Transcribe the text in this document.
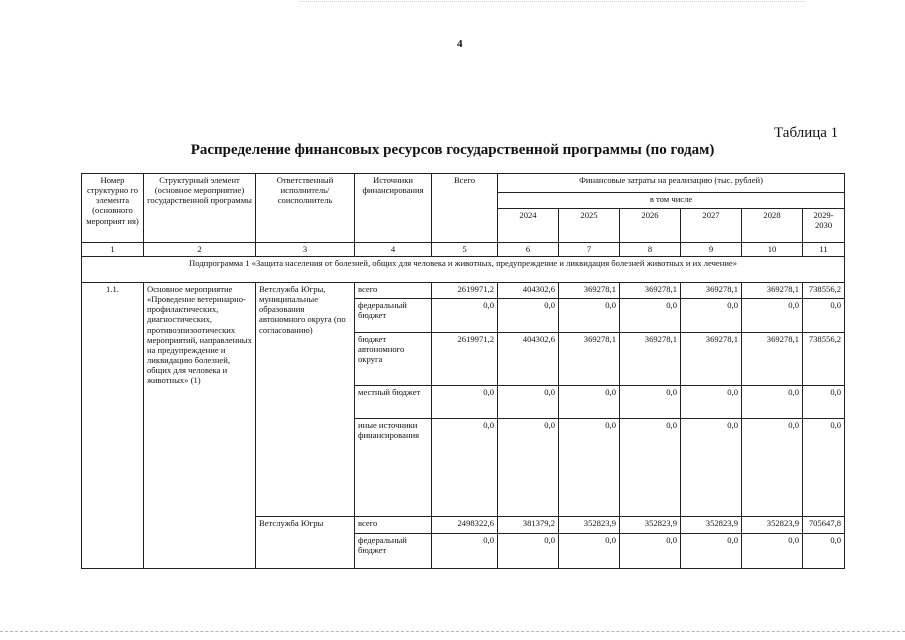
4
Таблица 1
Распределение финансовых ресурсов государственной программы (по годам)
Номер структурно го элемента (основного мероприят ия)	Структурный элемент (основное мероприятие) государственной программы	Ответственный исполнитель/соисполнитель	Источники финансирования	Всего	Финансовые затраты на реализацию (тыс. рублей)					
					в том числе					
					2024	2025	2026	2027	2028	2029-2030
1	2	3	4	5	6	7	8	9	10	11
Подпрограмма 1 «Защита населения от болезней, общих для человека и животных, предупреждение и ликвидация болезней животных и их лечение»										
1.1.	Основное мероприятие «Проведение ветеринарно-профилактических, диагностических, противоэпизоотических мероприятий, направленных на предупреждение и ликвидацию болезней, общих для человека и животных» (1)	Ветслужба Югры, муниципальные образования автономного округа (по согласованию)	всего	2619971,2	404302,6	369278,1	369278,1	369278,1	369278,1	738556,2
			федеральный бюджет	0,0	0,0	0,0	0,0	0,0	0,0	0,0
			бюджет автономного округа	2619971,2	404302,6	369278,1	369278,1	369278,1	369278,1	738556,2
			местный бюджет	0,0	0,0	0,0	0,0	0,0	0,0	0,0
			иные источники финансирования	0,0	0,0	0,0	0,0	0,0	0,0	0,0
		Ветслужба Югры	всего	2498322,6	381379,2	352823,9	352823,9	352823,9	352823,9	705647,8
			федеральный бюджет	0,0	0,0	0,0	0,0	0,0	0,0	0,0
